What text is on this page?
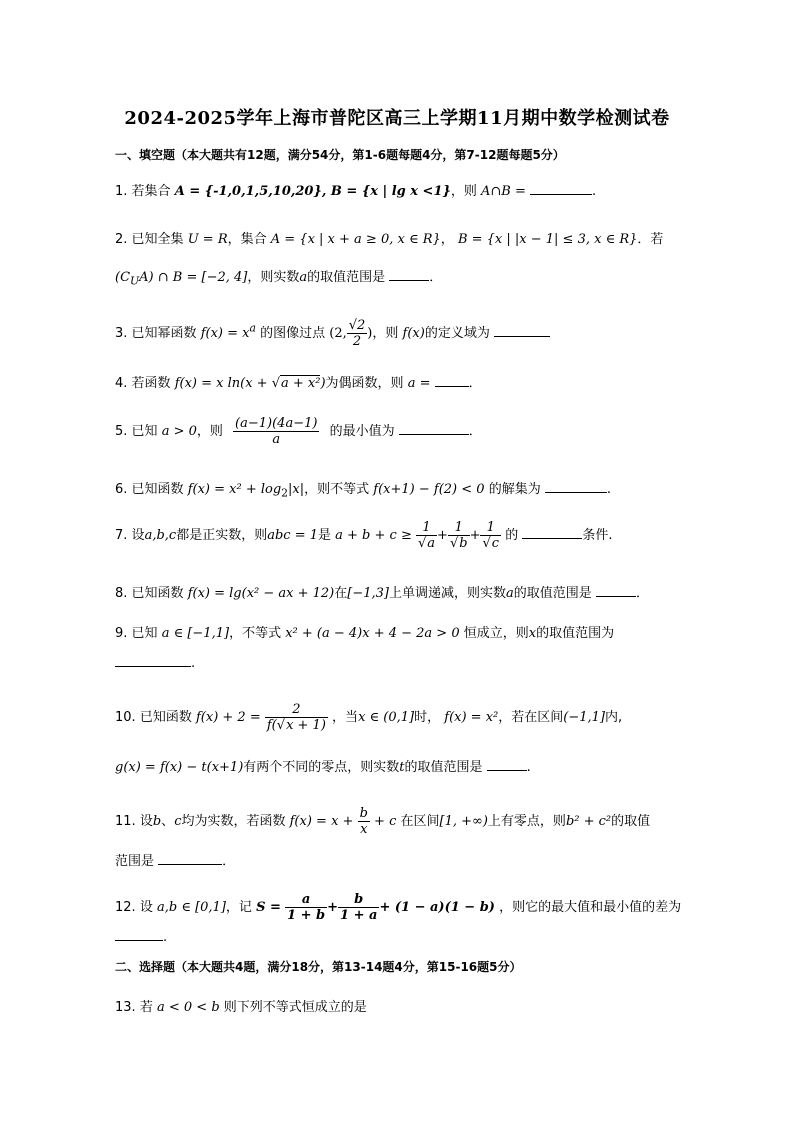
2024-2025学年上海市普陀区高三上学期11月期中数学检测试卷
一、填空题（本大题共有12题，满分54分，第1-6题每题4分，第7-12题每题5分）
1. 若集合 A = {-1,0,1,5,10,20}, B = {x | lg x <1}，则 A∩B =	.
2. 已知全集 U = R，集合 A = {x | x + a ≥ 0, x ∈ R}， B = {x | |x − 1| ≤ 3, x ∈ R}．若
$(C_UA)$ ∩ B = [−2, 4]，则实数a的取值范围是	．
3. 已知幂函数 $f(x) = x^a$ 的图像过点 (2, $\frac{√2}{2}$ )，则 f(x)的定义域为
4. 若函数 f(x) = x ln(x + √a + x²)为偶函数，则 a =	．
5. 已知 a > 0，则 $\frac{(a-1)(4a-1)}{a}$ 的最小值为	．
6. 已知函数 $f(x) = x^2 + \log_2|x|$，则不等式 f(x+1) − f(2) < 0 的解集为	.
7. 设a,b,c都是正实数，则abc = 1是 $a + b + c \ge \frac{1}{√a} + \frac{1}{√b} + \frac{1}{√c}$ 的	条件.
8. 已知函数 f(x) = lg(x² − ax + 12)在[−1,3]上单调递减，则实数a的取值范围是	．
9. 已知 a ∈ [−1,1]，不等式 x² + (a − 4)x + 4 − 2a > 0 恒成立，则x的取值范围为
.
10. 已知函数 $f(x) + 2 = \frac{2}{f(√x + 1)}$ ，当x ∈ (0,1]时， f(x) = x²，若在区间(−1,1]内,
g(x) = f(x) − t(x+1)有两个不同的零点，则实数t的取值范围是	.
11. 设b、c均为实数，若函数 $f(x) = x + \frac{b}{x} + c$ 在区间[1, +∞)上有零点，则b² + c²的取值
范围是	．
12. 设 a,b ∈ [0,1]，记 $S = \frac{a}{1 + b} + \frac{b}{1 + a} + (1 - a)(1 - b)$ ，则它的最大值和最小值的差为
.
二、选择题（本大题共4题，满分18分，第13-14题4分，第15-16题5分）
13. 若 a < 0 < b 则下列不等式恒成立的是
